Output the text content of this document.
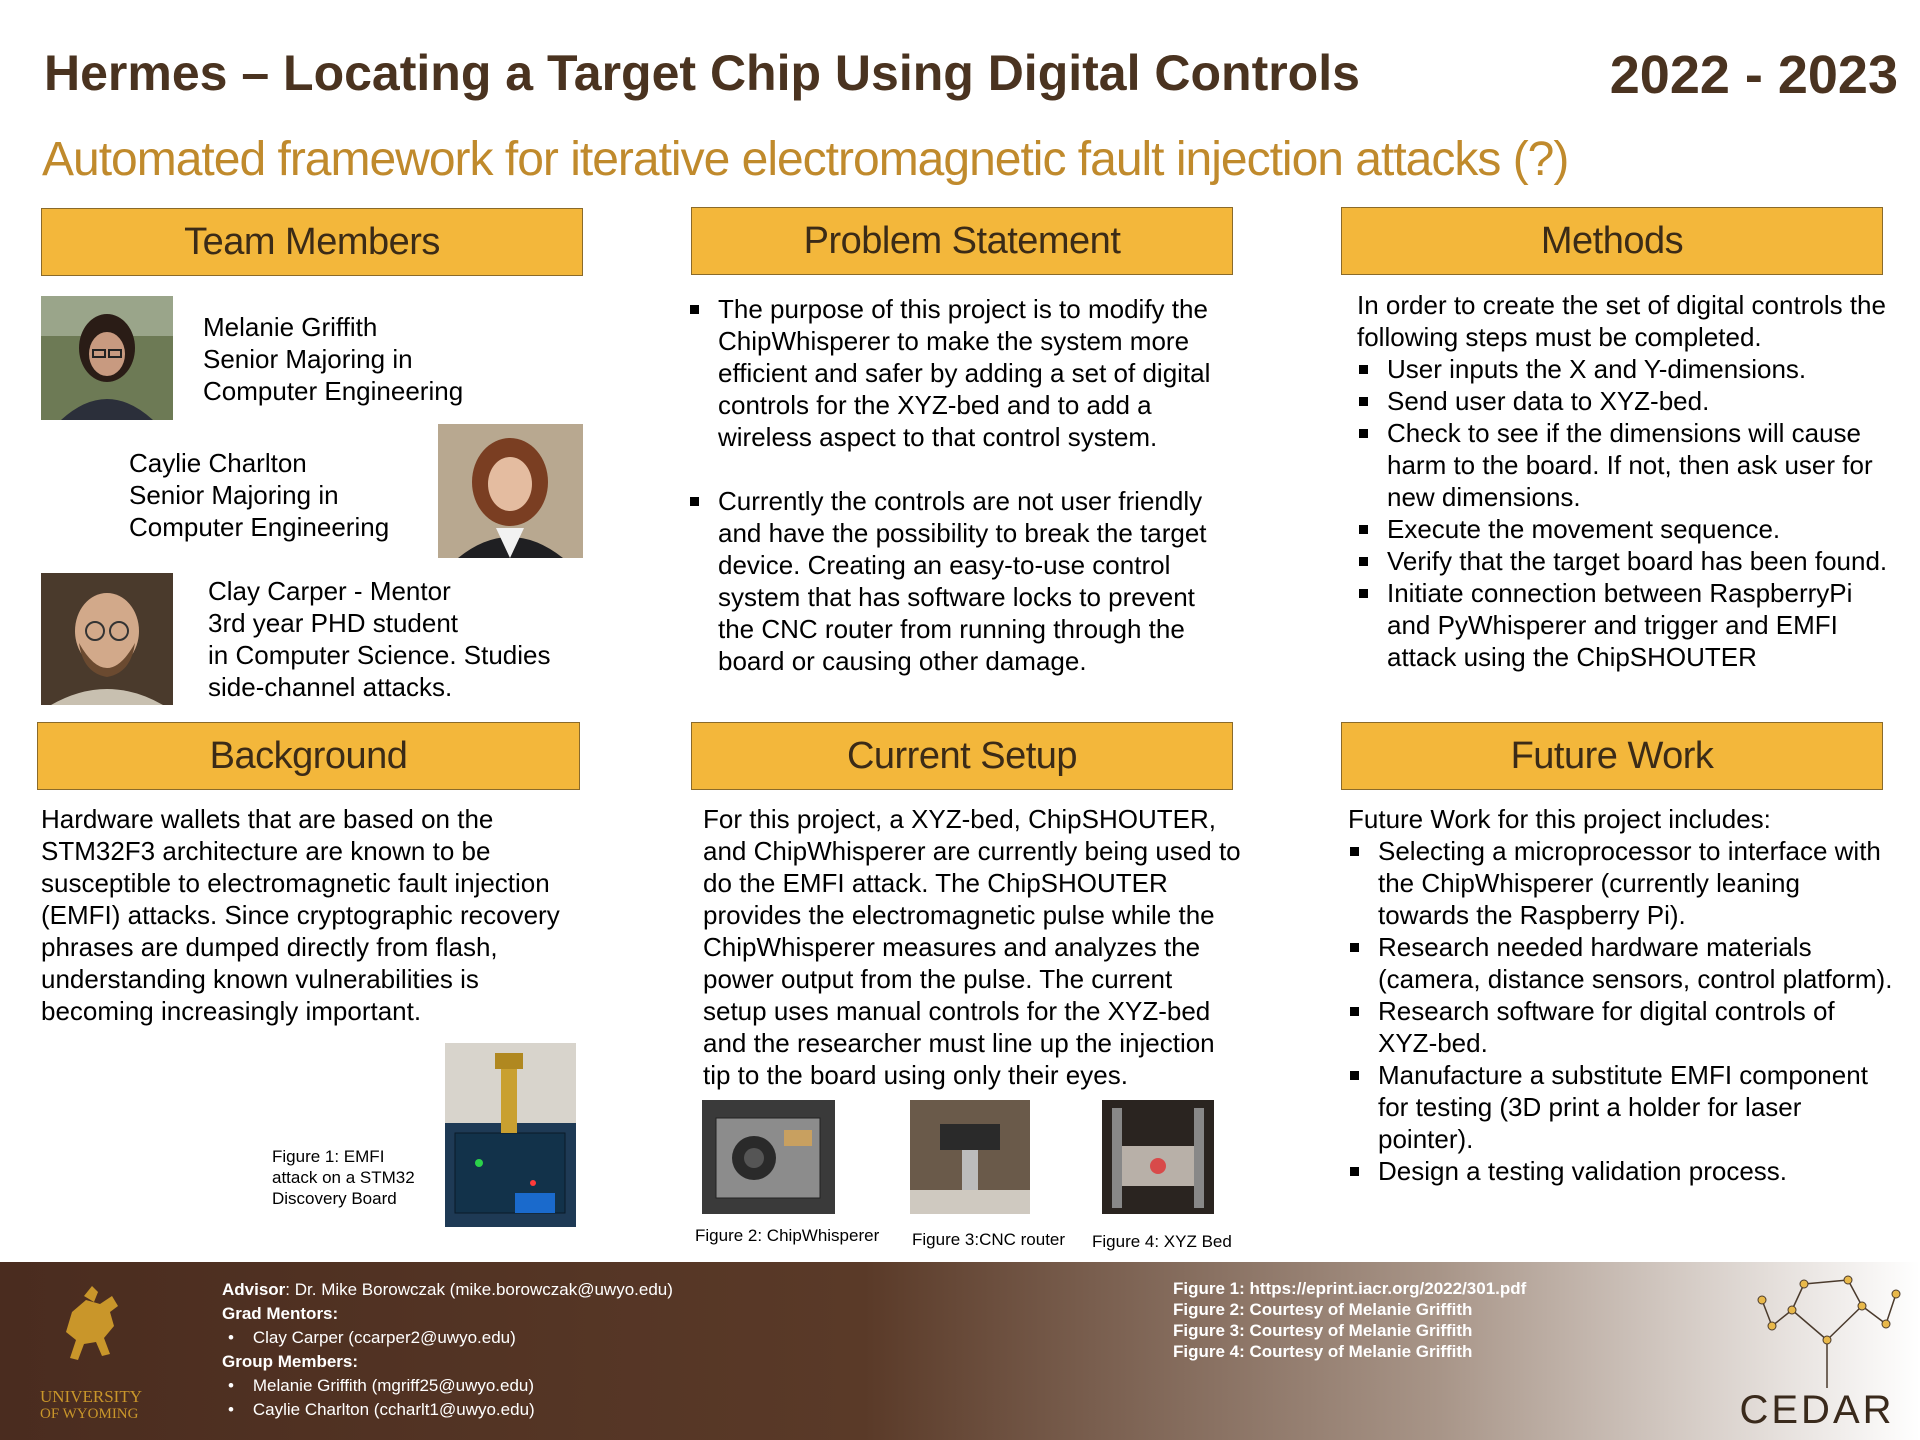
Hermes – Locating a Target Chip Using Digital Controls	2022 - 2023
Automated framework for iterative electromagnetic fault injection attacks (?)
Team Members
Melanie Griffith
Senior Majoring in
Computer Engineering
Caylie Charlton
Senior Majoring in
Computer Engineering
Clay Carper - Mentor
3rd year PHD student
in Computer Science. Studies
side-channel attacks.
Problem Statement
The purpose of this project is to modify the ChipWhisperer to make the system more efficient and safer by adding a set of digital controls for the XYZ-bed and to add a wireless aspect to that control system.
Currently the controls are not user friendly and have the possibility to break the target device. Creating an easy-to-use control system that has software locks to prevent the CNC router from running through the board or causing other damage.
Methods
In order to create the set of digital controls the following steps must be completed.
User inputs the X and Y-dimensions.
Send user data to XYZ-bed.
Check to see if the dimensions will cause harm to the board. If not, then ask user for new dimensions.
Execute the movement sequence.
Verify that the target board has been found.
Initiate connection between RaspberryPi and PyWhisperer and trigger and EMFI attack using the ChipSHOUTER
Background
Hardware wallets that are based on the STM32F3 architecture are known to be susceptible to electromagnetic fault injection (EMFI) attacks. Since cryptographic recovery phrases are dumped directly from flash, understanding known vulnerabilities is becoming increasingly important.
Figure 1: EMFI attack on a STM32 Discovery Board
Current Setup
For this project, a XYZ-bed, ChipSHOUTER, and ChipWhisperer are currently being used to do the EMFI attack. The ChipSHOUTER provides the electromagnetic pulse while the ChipWhisperer measures and analyzes the power output from the pulse. The current setup uses manual controls for the XYZ-bed and the researcher must line up the injection tip to the board using only their eyes.
Figure 2: ChipWhisperer Figure 3:CNC router Figure 4: XYZ Bed
Future Work
Future Work for this project includes:
Selecting a microprocessor to interface with the ChipWhisperer (currently leaning towards the Raspberry Pi).
Research needed hardware materials (camera, distance sensors, control platform).
Research software for digital controls of XYZ-bed.
Manufacture a substitute EMFI component for testing (3D print a holder for laser pointer).
Design a testing validation process.
UNIVERSITY
OF WYOMING
Advisor: Dr. Mike Borowczak (mike.borowczak@uwyo.edu)
Grad Mentors:
•    Clay Carper (ccarper2@uwyo.edu)
Group Members:
•    Melanie Griffith (mgriff25@uwyo.edu)
•    Caylie Charlton (ccharlt1@uwyo.edu)
Figure 1: https://eprint.iacr.org/2022/301.pdf
Figure 2: Courtesy of Melanie Griffith
Figure 3: Courtesy of Melanie Griffith
Figure 4: Courtesy of Melanie Griffith
CEDAR
